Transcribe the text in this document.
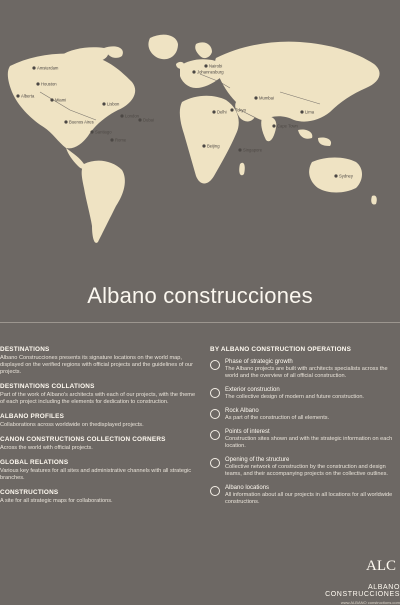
Amsterdam
Houston
Alberta
Miami
Buenos Aires
Santiago
Lisbon
London
Rome
Dubai
Johannesburg
Nairobi
Delhi
Beijing
Tokyo
Singapore
Mumbai
Cape Town
Lima
Sydney
Albano construcciones
DESTINATIONS
Albano Construcciones presents its signature locations on the world map, displayed on the verified regions with official projects and the guidelines of our projects.
DESTINATIONS COLLATIONS
Part of the work of Albano's architects with each of our projects, with the theme of each project including the elements for dedication to construction.
ALBANO PROFILES
Collaborations across worldwide on thedisplayed projects.
CANON CONSTRUCTIONS COLLECTION CORNERS
Across the world with official projects.
GLOBAL RELATIONS
Various key features for all sites and administrative channels with all strategic branches.
CONSTRUCTIONS
A site for all strategic maps for collaborations.
BY ALBANO CONSTRUCTION OPERATIONS
Phase of strategic growth
The Albano projects are built with architects specialists across the world and the overview of all official construction.
Exterior construction
The collective design of modern and future construction.
Rock Albano
As part of the construction of all elements.
Points of interest
Construction sites shown and with the strategic information on each location.
Opening of the structure
Collective network of construction by the construction and design teams, and their accompanying projects on the collective outlines.
Albano locations
All information about all our projects in all locations for all worldwide constructions.
ALC
ALBANO CONSTRUCCIONES
www.ALBANO constructions.com
